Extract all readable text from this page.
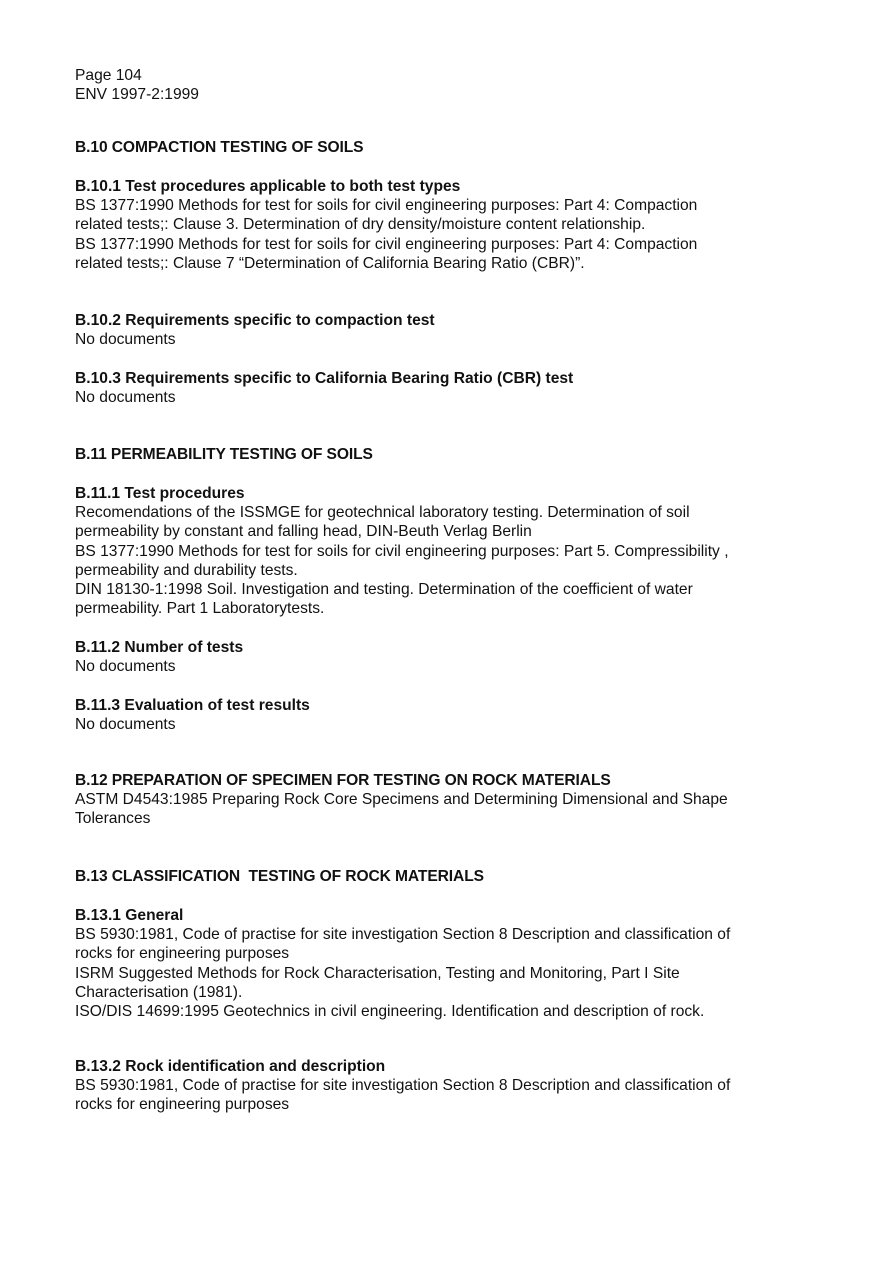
Page 104
ENV 1997-2:1999
B.10 COMPACTION TESTING OF SOILS
B.10.1 Test procedures applicable to both test types

BS 1377:1990 Methods for test for soils for civil engineering purposes: Part 4: Compaction related tests;: Clause 3. Determination of dry density/moisture content relationship.

BS 1377:1990 Methods for test for soils for civil engineering purposes: Part 4: Compaction related tests;: Clause 7 “Determination of California Bearing Ratio (CBR)”.

B.10.2 Requirements specific to compaction test

No documents

B.10.3 Requirements specific to California Bearing Ratio (CBR) test

No documents

B.11 PERMEABILITY TESTING OF SOILS
B.11.1 Test procedures

Recomendations of the ISSMGE for geotechnical laboratory testing. Determination of soil permeability by constant and falling head, DIN-Beuth Verlag Berlin

BS 1377:1990 Methods for test for soils for civil engineering purposes: Part 5. Compressibility , permeability and durability tests.

DIN 18130-1:1998 Soil. Investigation and testing. Determination of the coefficient of water permeability. Part 1 Laboratorytests.

B.11.2 Number of tests

No documents

B.11.3 Evaluation of test results

No documents

B.12 PREPARATION OF SPECIMEN FOR TESTING ON ROCK MATERIALS

ASTM D4543:1985 Preparing Rock Core Specimens and Determining Dimensional and Shape Tolerances

B.13 CLASSIFICATION  TESTING OF ROCK MATERIALS
B.13.1 General

BS 5930:1981, Code of practise for site investigation Section 8 Description and classification of rocks for engineering purposes

ISRM Suggested Methods for Rock Characterisation, Testing and Monitoring, Part I Site Characterisation (1981).

ISO/DIS 14699:1995 Geotechnics in civil engineering. Identification and description of rock.

B.13.2 Rock identification and description

BS 5930:1981, Code of practise for site investigation Section 8 Description and classification of rocks for engineering purposes
